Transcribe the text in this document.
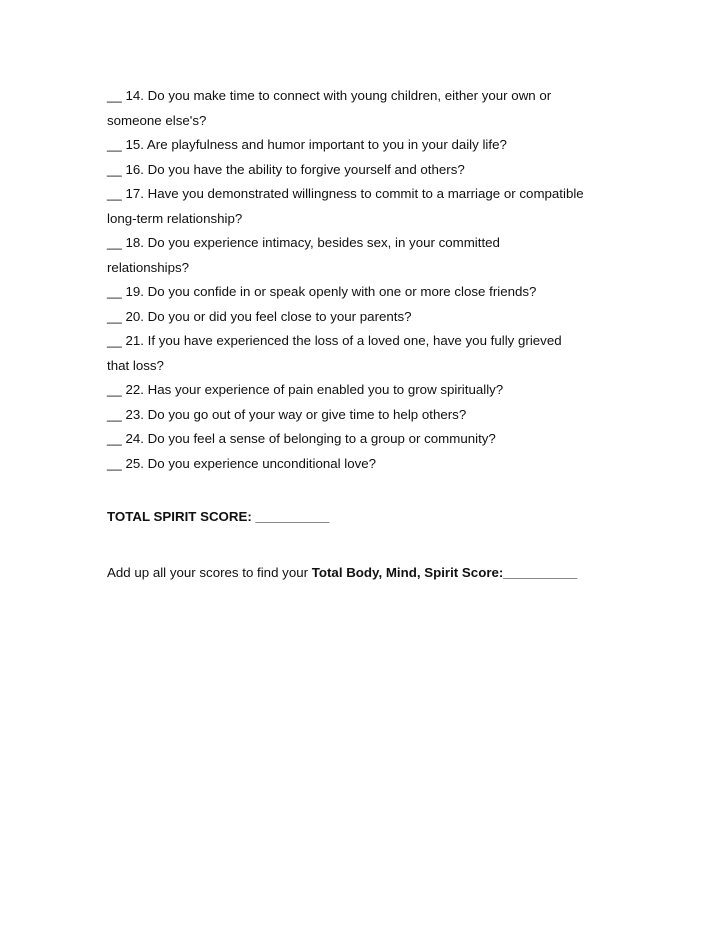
__ 14. Do you make time to connect with young children, either your own or
someone else's?
__ 15. Are playfulness and humor important to you in your daily life?
__ 16. Do you have the ability to forgive yourself and others?
__ 17. Have you demonstrated willingness to commit to a marriage or compatible
long-term relationship?
__ 18. Do you experience intimacy, besides sex, in your committed
relationships?
__ 19. Do you confide in or speak openly with one or more close friends?
__ 20. Do you or did you feel close to your parents?
__ 21. If you have experienced the loss of a loved one, have you fully grieved
that loss?
__ 22. Has your experience of pain enabled you to grow spiritually?
__ 23. Do you go out of your way or give time to help others?
__ 24. Do you feel a sense of belonging to a group or community?
__ 25. Do you experience unconditional love?
TOTAL SPIRIT SCORE: __________
Add up all your scores to find your Total Body, Mind, Spirit Score:__________
